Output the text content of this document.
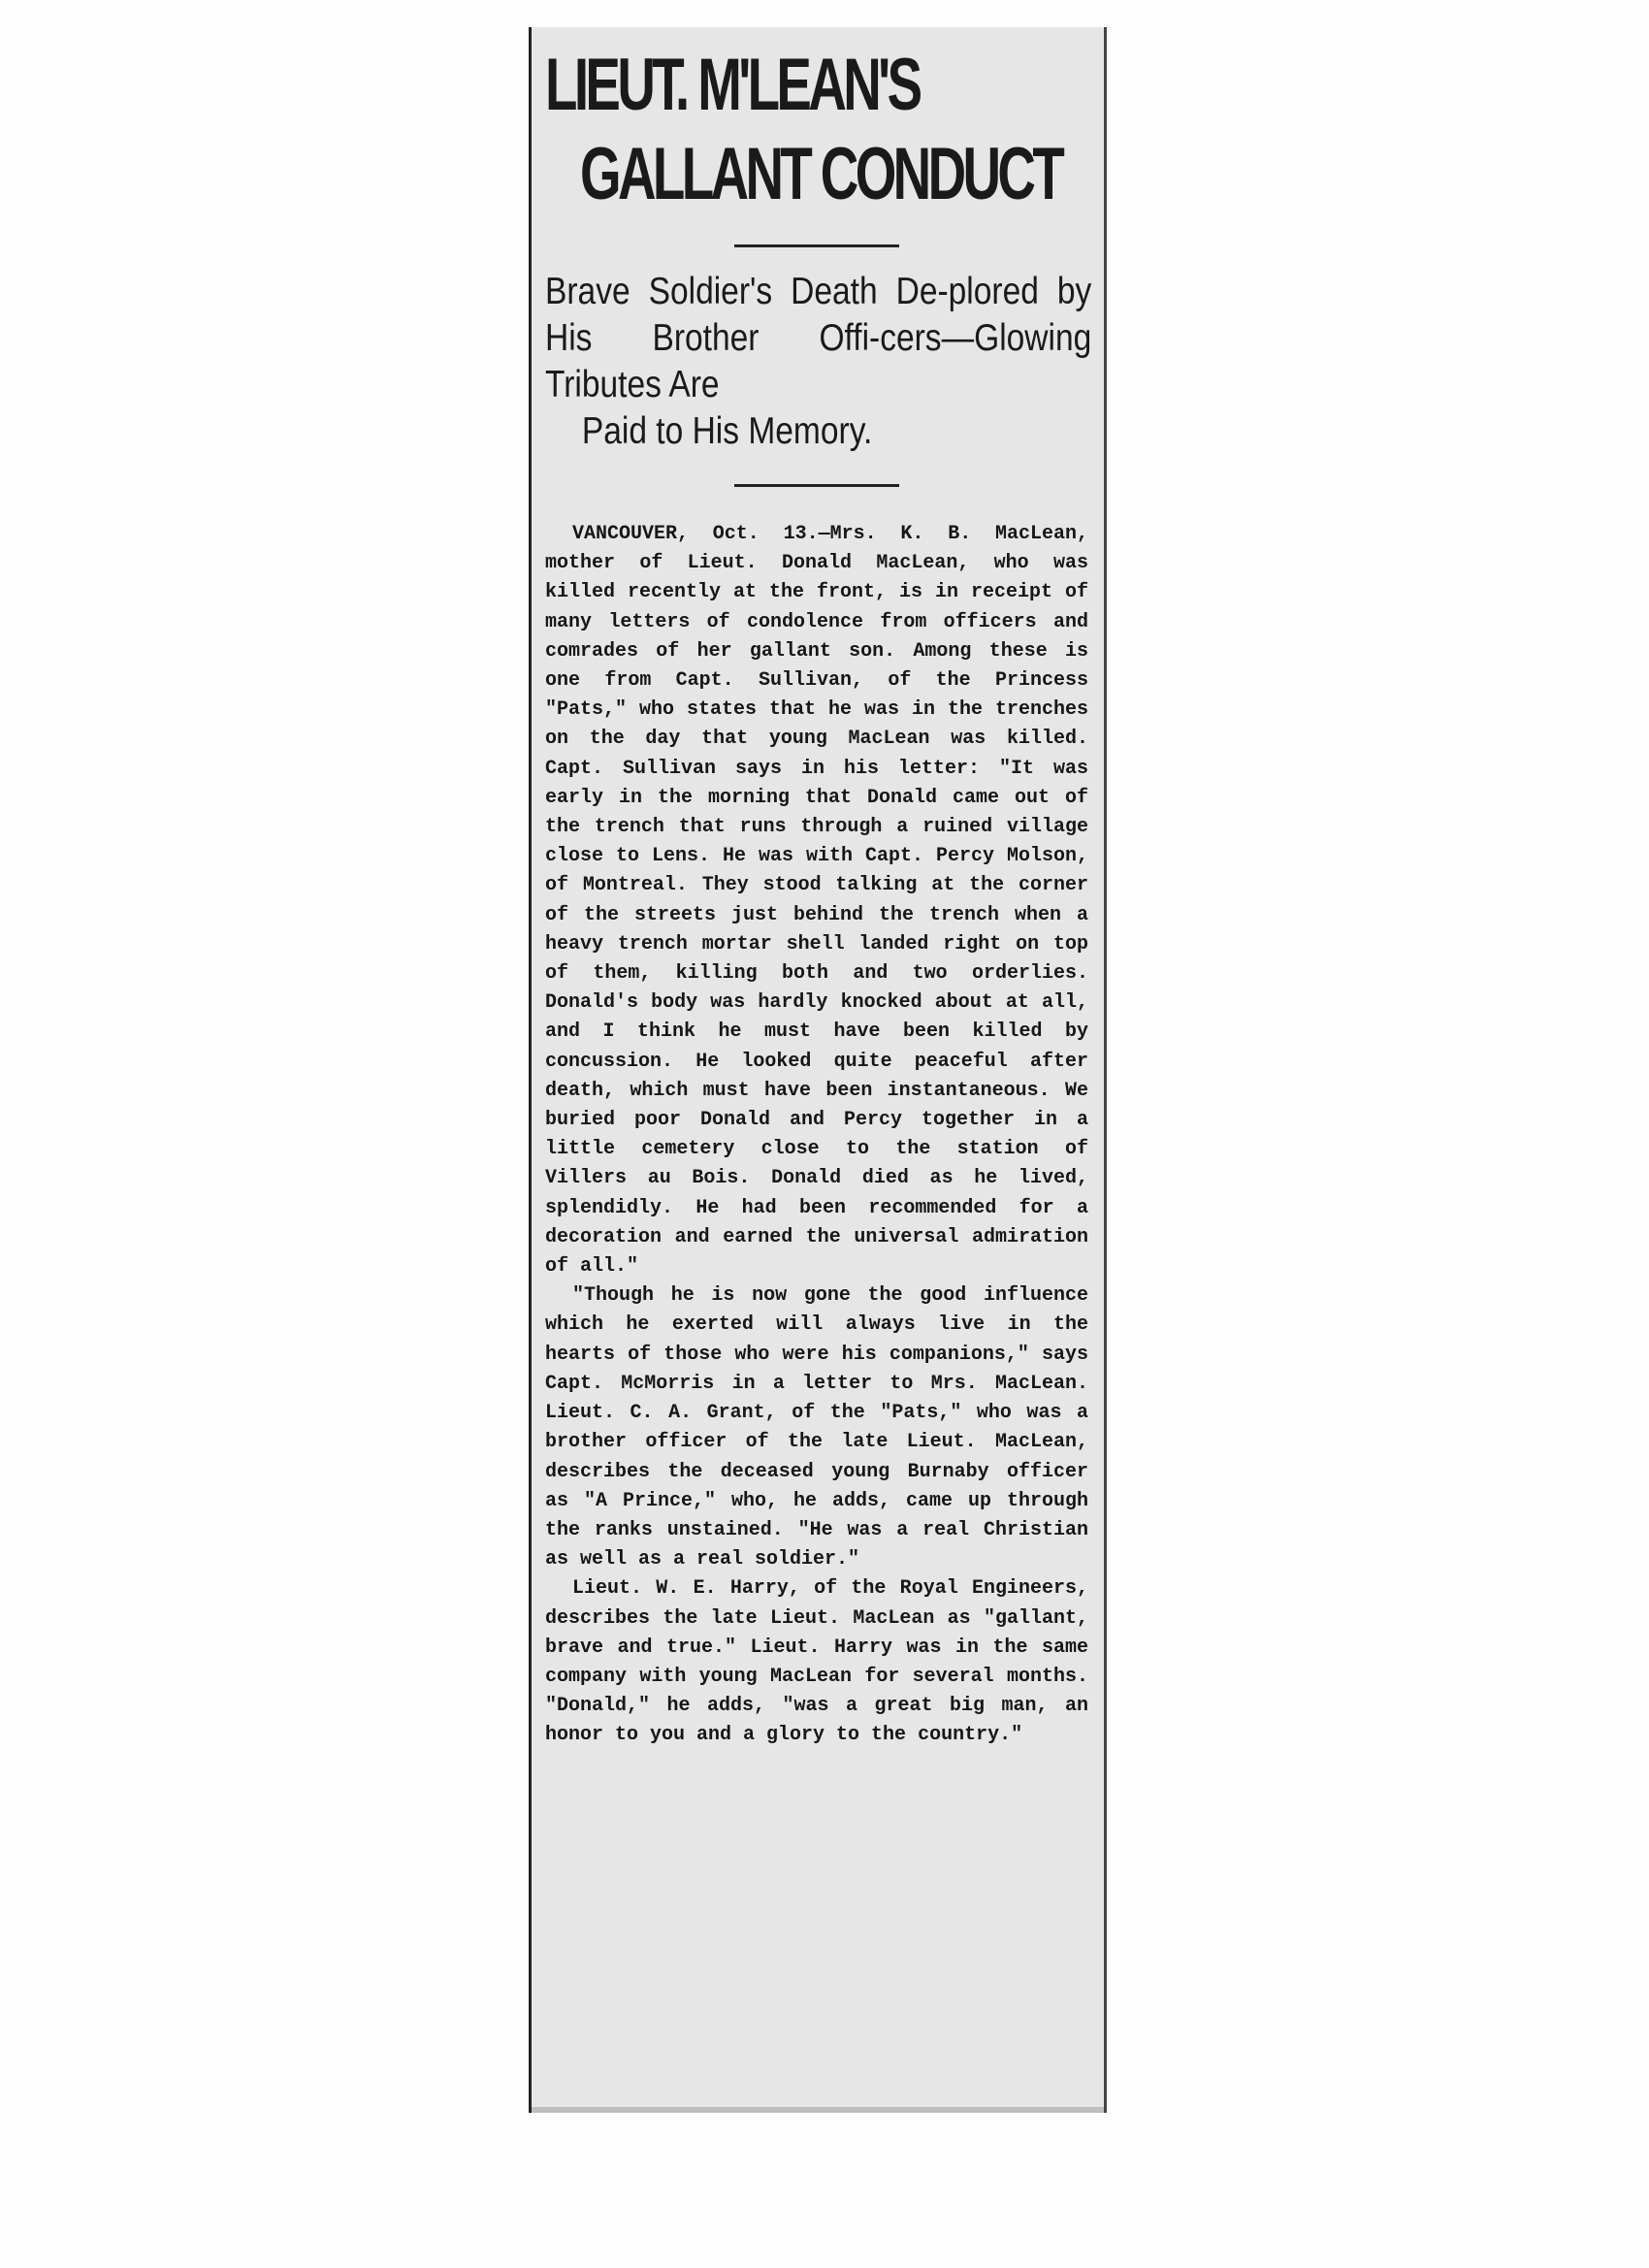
LIEUT. M'LEAN'S
GALLANT CONDUCT
Brave Soldier's Death De-plored by His Brother Offi-cers—Glowing Tributes Are
Paid to His Memory.

VANCOUVER, Oct. 13.—Mrs. K. B. MacLean, mother of Lieut. Donald MacLean, who was killed recently at the front, is in receipt of many letters of condolence from officers and comrades of her gallant son. Among these is one from Capt. Sullivan, of the Princess "Pats," who states that he was in the trenches on the day that young MacLean was killed. Capt. Sullivan says in his letter: "It was early in the morning that Donald came out of the trench that runs through a ruined village close to Lens. He was with Capt. Percy Molson, of Montreal. They stood talking at the corner of the streets just behind the trench when a heavy trench mortar shell landed right on top of them, killing both and two orderlies. Donald's body was hardly knocked about at all, and I think he must have been killed by concussion. He looked quite peaceful after death, which must have been instantaneous. We buried poor Donald and Percy together in a little cemetery close to the station of Villers au Bois. Donald died as he lived, splendidly. He had been recommended for a decoration and earned the universal admiration of all."

"Though he is now gone the good influence which he exerted will always live in the hearts of those who were his companions," says Capt. McMorris in a letter to Mrs. MacLean. Lieut. C. A. Grant, of the "Pats," who was a brother officer of the late Lieut. MacLean, describes the deceased young Burnaby officer as "A Prince," who, he adds, came up through the ranks unstained. "He was a real Christian as well as a real soldier."

Lieut. W. E. Harry, of the Royal Engineers, describes the late Lieut. MacLean as "gallant, brave and true." Lieut. Harry was in the same company with young MacLean for several months. "Donald," he adds, "was a great big man, an honor to you and a glory to the country."
